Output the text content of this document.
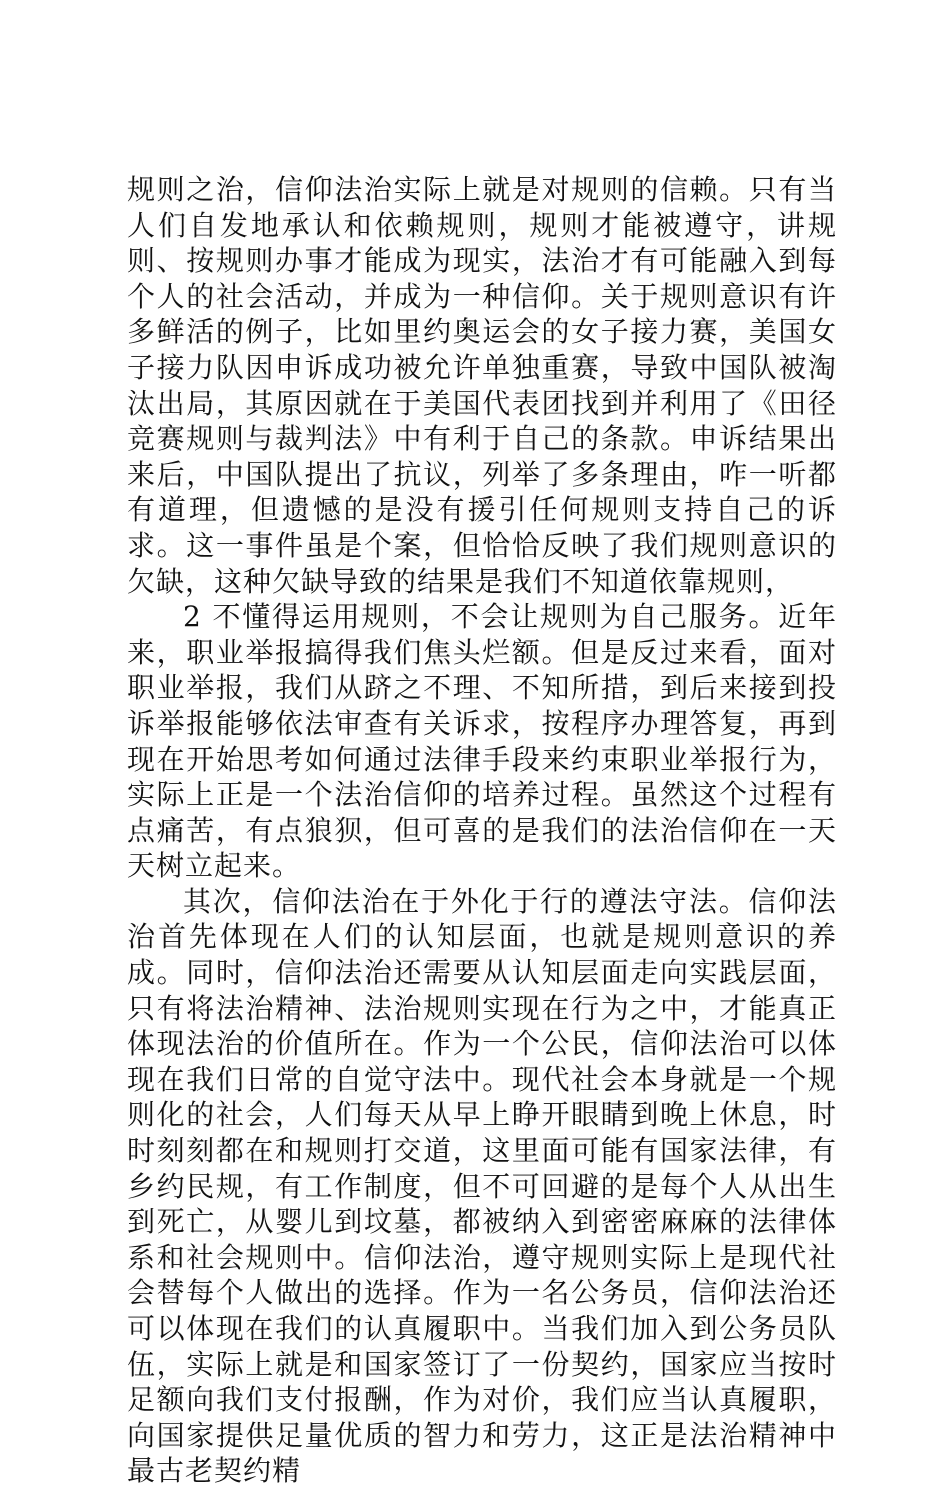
规则之治，信仰法治实际上就是对规则的信赖。只有当人们自发地承认和依赖规则，规则才能被遵守，讲规则、按规则办事才能成为现实，法治才有可能融入到每个人的社会活动，并成为一种信仰。关于规则意识有许多鲜活的例子，比如里约奥运会的女子接力赛，美国女子接力队因申诉成功被允许单独重赛，导致中国队被淘汰出局，其原因就在于美国代表团找到并利用了《田径竞赛规则与裁判法》中有利于自己的条款。申诉结果出来后，中国队提出了抗议，列举了多条理由，咋一听都有道理，但遗憾的是没有援引任何规则支持自己的诉求。这一事件虽是个案，但恰恰反映了我们规则意识的欠缺，这种欠缺导致的结果是我们不知道依靠规则，

2 不懂得运用规则，不会让规则为自己服务。近年来，职业举报搞得我们焦头烂额。但是反过来看，面对职业举报，我们从跻之不理、不知所措，到后来接到投诉举报能够依法审查有关诉求，按程序办理答复，再到现在开始思考如何通过法律手段来约束职业举报行为，实际上正是一个法治信仰的培养过程。虽然这个过程有点痛苦，有点狼狈，但可喜的是我们的法治信仰在一天天树立起来。

其次，信仰法治在于外化于行的遵法守法。信仰法治首先体现在人们的认知层面，也就是规则意识的养成。同时，信仰法治还需要从认知层面走向实践层面，只有将法治精神、法治规则实现在行为之中，才能真正体现法治的价值所在。作为一个公民，信仰法治可以体现在我们日常的自觉守法中。现代社会本身就是一个规则化的社会，人们每天从早上睁开眼睛到晚上休息，时时刻刻都在和规则打交道，这里面可能有国家法律，有乡约民规，有工作制度，但不可回避的是每个人从出生到死亡，从婴儿到坟墓，都被纳入到密密麻麻的法律体系和社会规则中。信仰法治，遵守规则实际上是现代社会替每个人做出的选择。作为一名公务员，信仰法治还可以体现在我们的认真履职中。当我们加入到公务员队伍，实际上就是和国家签订了一份契约，国家应当按时足额向我们支付报酬，作为对价，我们应当认真履职，向国家提供足量优质的智力和劳力，这正是法治精神中最古老契约精
